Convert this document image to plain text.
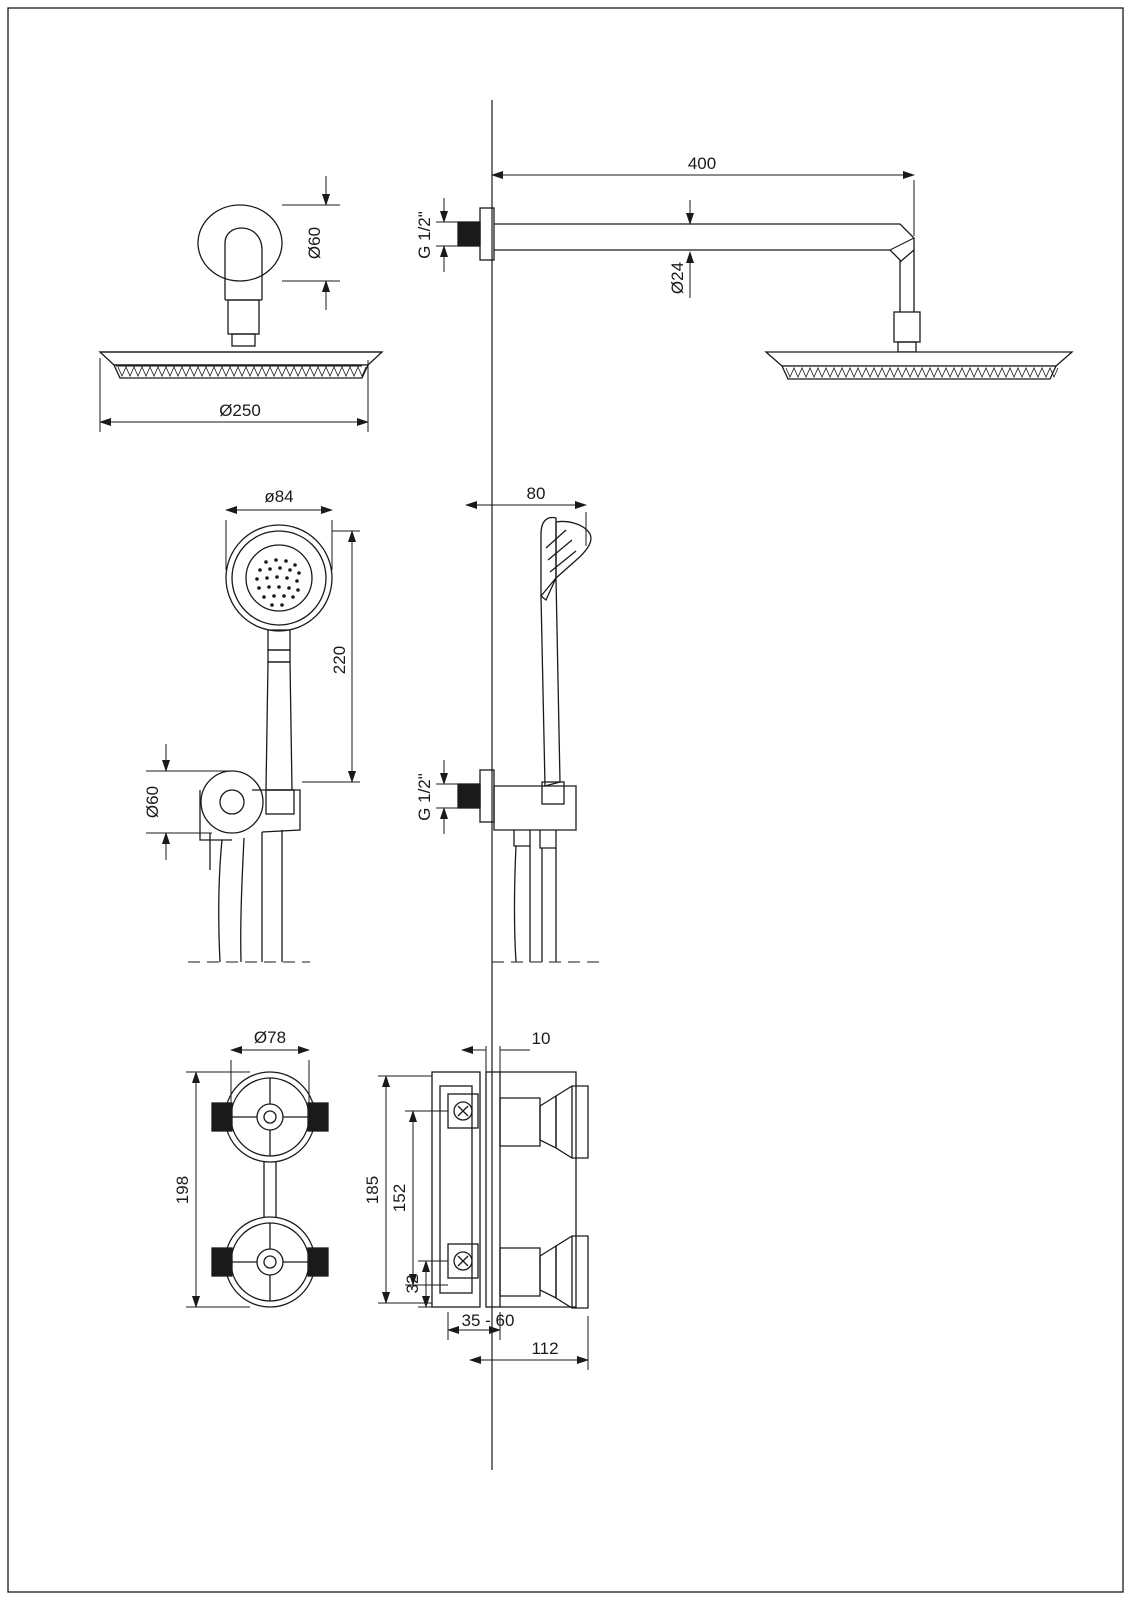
Ø60
Ø250
400
Ø24
G 1/2"
ø84
220
Ø60
80
G 1/2"
Ø78
198
10
185 152
32
35 - 60
112
